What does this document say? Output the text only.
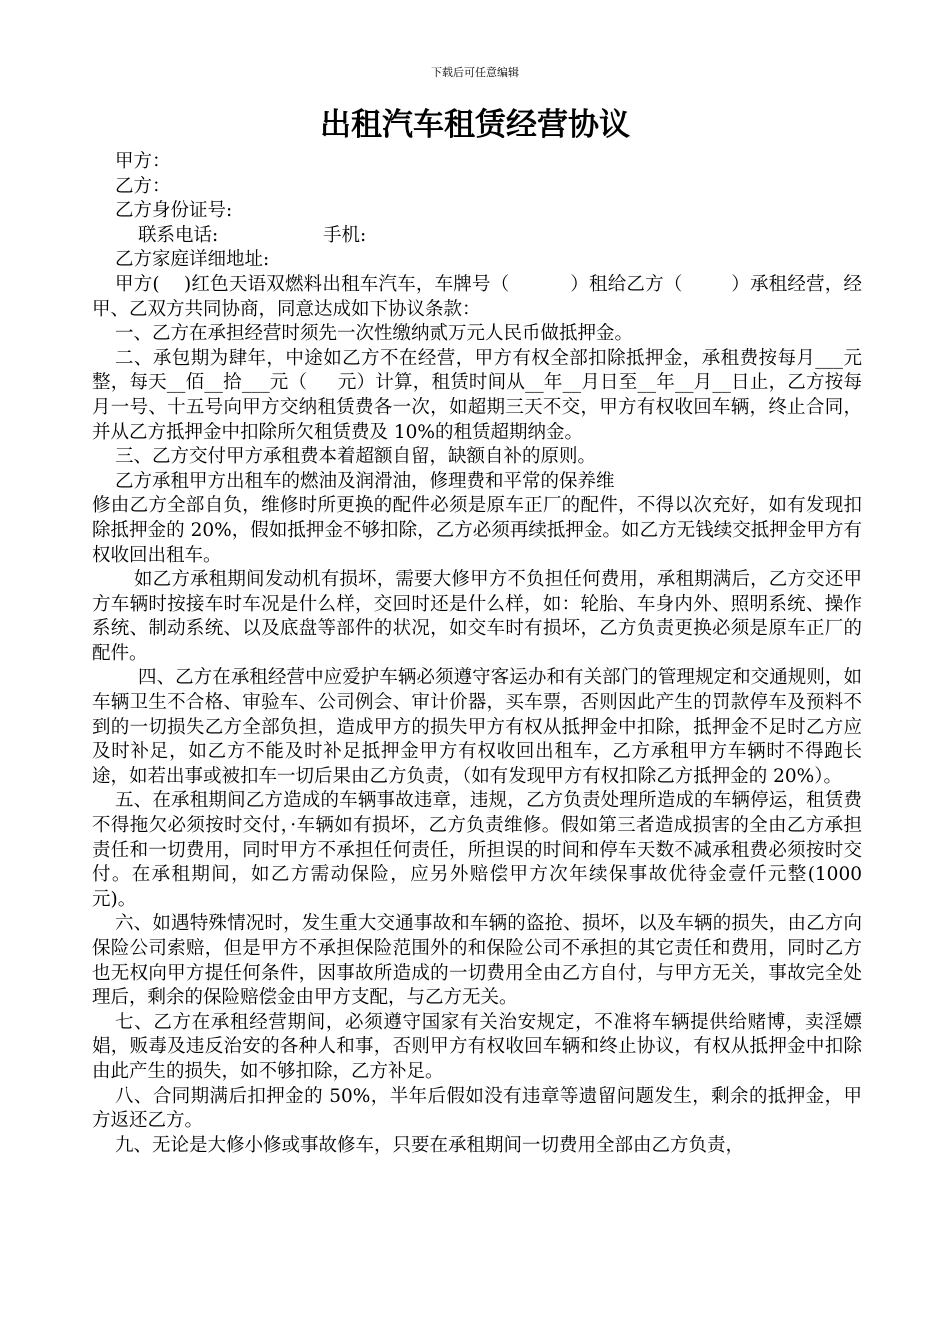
下载后可任意编辑
出租汽车租赁经营协议

甲方：

乙方：

乙方身份证号:

联系电话:	手机:

乙方家庭详细地址:

甲方(    )红色天语双燃料出租车汽车，车牌号（          ）租给乙方（        ）承租经营，经甲、乙双方共同协商，同意达成如下协议条款：

一、乙方在承担经营时须先一次性缴纳贰万元人民币做抵押金。

二、承包期为肆年，中途如乙方不在经营，甲方有权全部扣除抵押金，承租费按每月___元整，每天__佰__拾___元（     元）计算，租赁时间从__年__月日至__年__月__日止，乙方按每月一号、十五号向甲方交纳租赁费各一次，如超期三天不交，甲方有权收回车辆，终止合同，并从乙方抵押金中扣除所欠租赁费及 10%的租赁超期纳金。

三、乙方交付甲方承租费本着超额自留，缺额自补的原则。

乙方承租甲方出租车的燃油及润滑油，修理费和平常的保养维

修由乙方全部自负，维修时所更换的配件必须是原车正厂的配件，不得以次充好，如有发现扣除抵押金的 20%，假如抵押金不够扣除，乙方必须再续抵押金。如乙方无钱续交抵押金甲方有权收回出租车。

如乙方承租期间发动机有损坏，需要大修甲方不负担任何费用，承租期满后，乙方交还甲方车辆时按接车时车况是什么样，交回时还是什么样，如：轮胎、车身内外、照明系统、操作系统、制动系统、以及底盘等部件的状况，如交车时有损坏，乙方负责更换必须是原车正厂的配件。

四、乙方在承租经营中应爱护车辆必须遵守客运办和有关部门的管理规定和交通规则，如车辆卫生不合格、审验车、公司例会、审计价器，买车票，否则因此产生的罚款停车及预料不到的一切损失乙方全部负担，造成甲方的损失甲方有权从抵押金中扣除，抵押金不足时乙方应及时补足，如乙方不能及时补足抵押金甲方有权收回出租车，乙方承租甲方车辆时不得跑长途，如若出事或被扣车一切后果由乙方负责，（如有发现甲方有权扣除乙方抵押金的 20%）。

五、在承租期间乙方造成的车辆事故违章，违规，乙方负责处理所造成的车辆停运，租赁费不得拖欠必须按时交付，·车辆如有损坏，乙方负责维修。假如第三者造成损害的全由乙方承担责任和一切费用，同时甲方不承担任何责任，所担误的时间和停车天数不减承租费必须按时交付。在承租期间，如乙方需动保险，应另外赔偿甲方次年续保事故优待金壹仟元整(1000 元)。

六、如遇特殊情况时，发生重大交通事故和车辆的盗抢、损坏，以及车辆的损失，由乙方向保险公司索赔，但是甲方不承担保险范围外的和保险公司不承担的其它责任和费用，同时乙方也无权向甲方提任何条件，因事故所造成的一切费用全由乙方自付，与甲方无关，事故完全处理后，剩余的保险赔偿金由甲方支配，与乙方无关。

七、乙方在承租经营期间，必须遵守国家有关治安规定，不准将车辆提供给赌博，卖淫嫖娼，贩毒及违反治安的各种人和事，否则甲方有权收回车辆和终止协议，有权从抵押金中扣除由此产生的损失，如不够扣除，乙方补足。

八、合同期满后扣押金的 50%，半年后假如没有违章等遗留问题发生，剩余的抵押金，甲方返还乙方。

九、无论是大修小修或事故修车，只要在承租期间一切费用全部由乙方负责，
